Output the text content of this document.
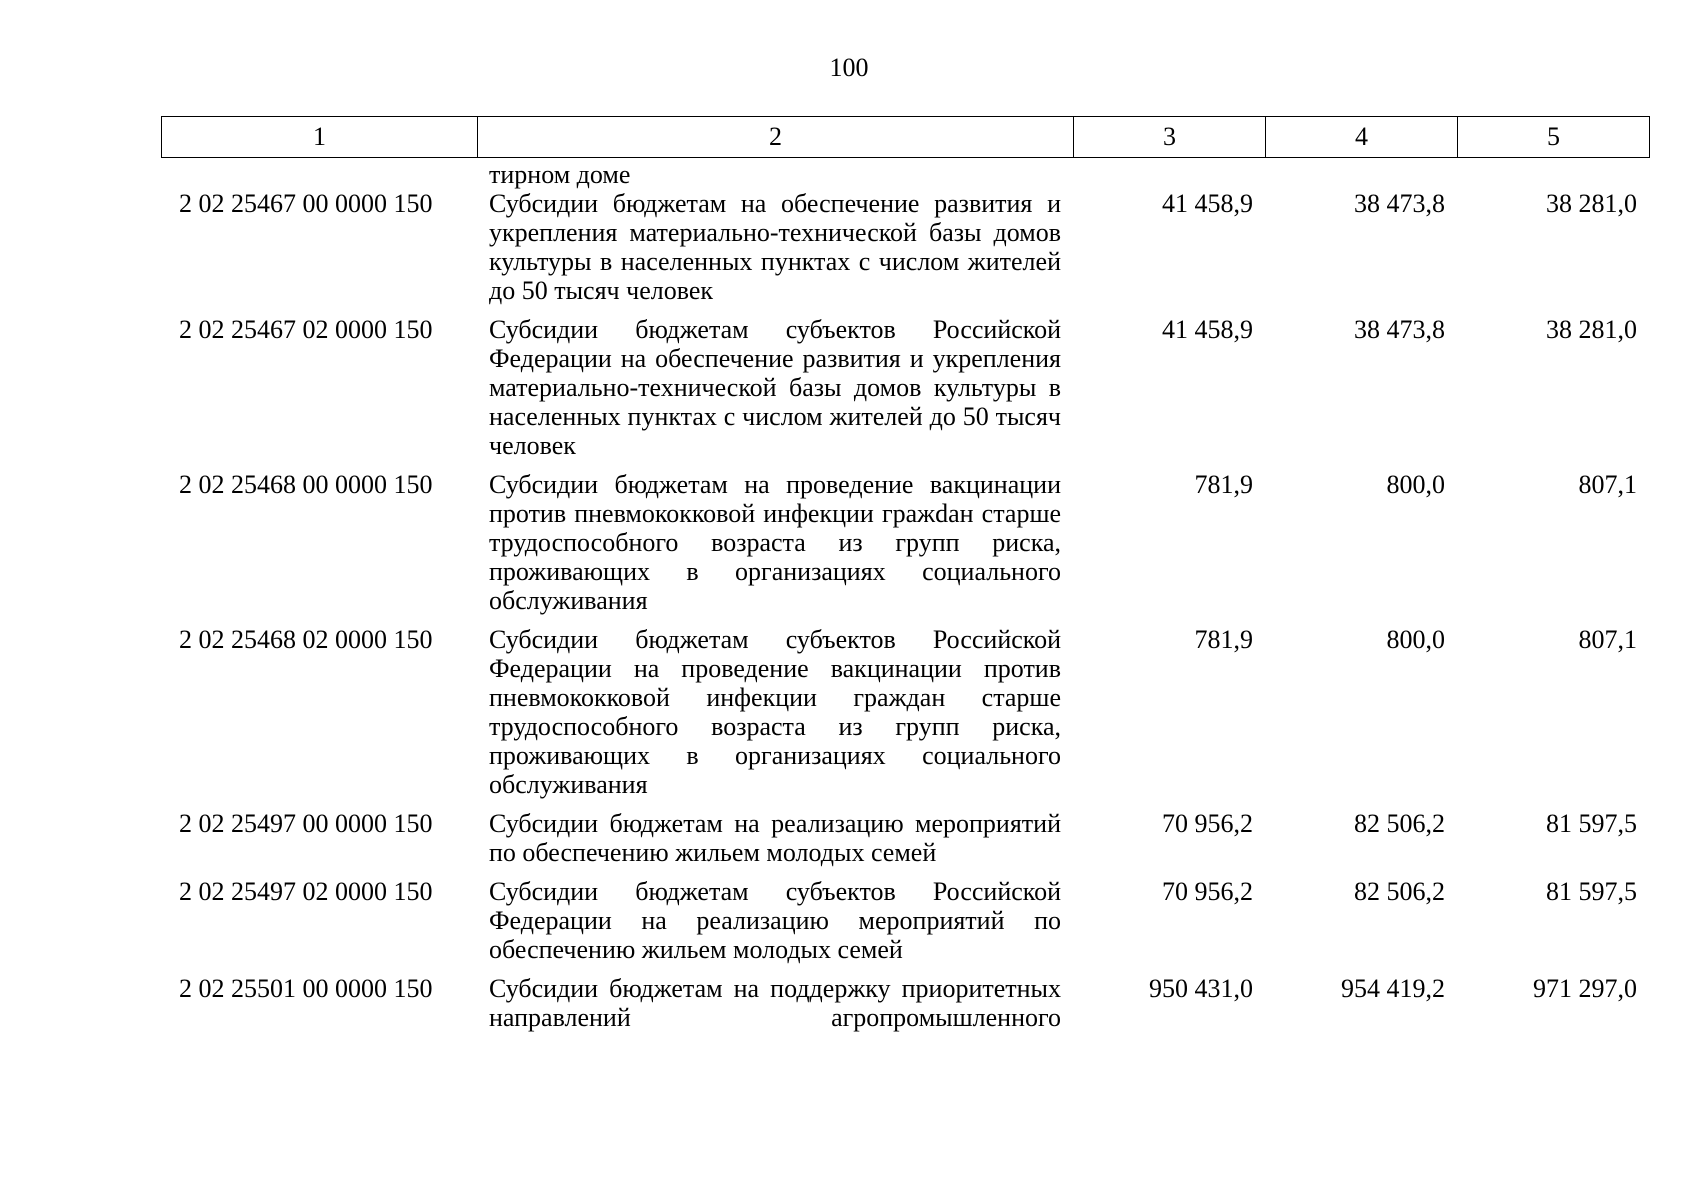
100
1	2	3	4	5
	тирном доме			
2 02 25467 00 0000 150	Субсидии бюджетам на обеспечение развития и укрепления материально-технической базы домов культуры в населенных пунктах с числом жителей до 50 тысяч человек	41 458,9	38 473,8	38 281,0
2 02 25467 02 0000 150	Субсидии бюджетам субъектов Российской Федерации на обеспечение развития и укрепления материально-технической базы домов культуры в населенных пунктах с числом жителей до 50 тысяч человек	41 458,9	38 473,8	38 281,0
2 02 25468 00 0000 150	Субсидии бюджетам на проведение вакцинации против пневмококковой инфекции гражdан старше трудоспособного возраста из групп риска, проживающих в организациях социального обслуживания	781,9	800,0	807,1
2 02 25468 02 0000 150	Субсидии бюджетам субъектов Российской Федерации на проведение вакцинации против пневмококковой инфекции граждан старше трудоспособного возраста из групп риска, проживающих в организациях социального обслуживания	781,9	800,0	807,1
2 02 25497 00 0000 150	Субсидии бюджетам на реализацию мероприятий по обеспечению жильем молодых семей	70 956,2	82 506,2	81 597,5
2 02 25497 02 0000 150	Субсидии бюджетам субъектов Российской Федерации на реализацию мероприятий по обеспечению жильем молодых семей	70 956,2	82 506,2	81 597,5
2 02 25501 00 0000 150	Субсидии бюджетам на поддержку приоритетных направлений агропромышленного	950 431,0	954 419,2	971 297,0
